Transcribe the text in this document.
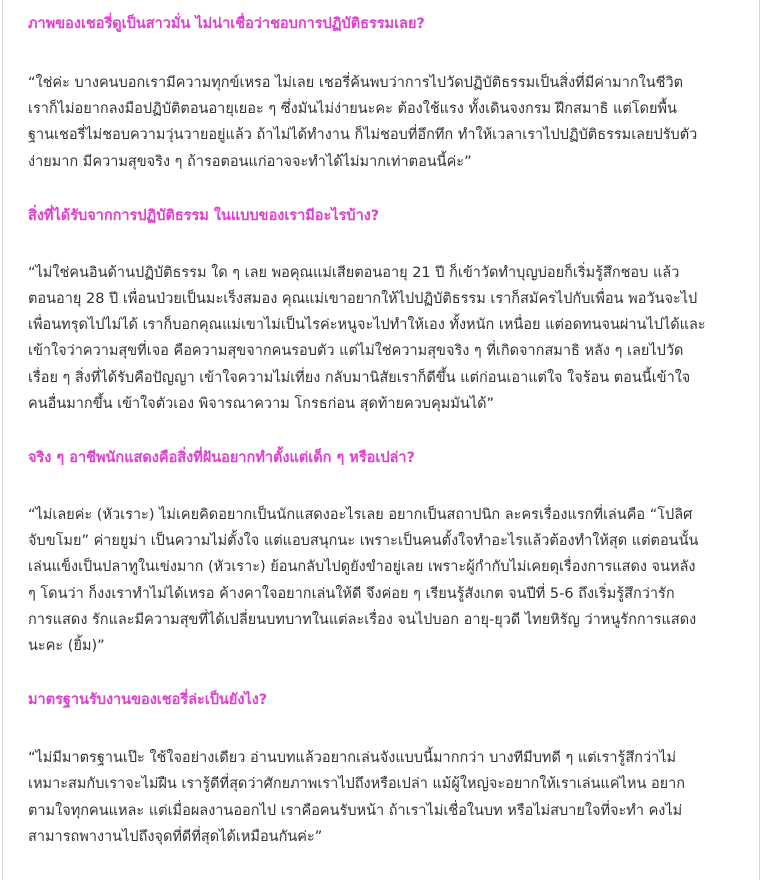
ภาพของเชอรี่ดูเป็นสาวมั่น ไม่น่าเชื่อว่าชอบการปฏิบัติธรรมเลย?

“ใช่ค่ะ บางคนบอกเรามีความทุกข์เหรอ ไม่เลย เชอรี่ค้นพบว่าการไปวัดปฏิบัติธรรมเป็นสิ่งที่มีค่ามากในชีวิต
เราก็ไม่อยากลงมือปฏิบัติตอนอายุเยอะ ๆ ซึ่งมันไม่ง่ายนะคะ ต้องใช้แรง ทั้งเดินจงกรม ฝึกสมาธิ แต่โดยพื้น
ฐานเชอรี่ไม่ชอบความวุ่นวายอยู่แล้ว ถ้าไม่ได้ทำงาน ก็ไม่ชอบที่อึกทึก ทำให้เวลาเราไปปฏิบัติธรรมเลยปรับตัว
ง่ายมาก มีความสุขจริง ๆ ถ้ารอตอนแก่อาจจะทำได้ไม่มากเท่าตอนนี้ค่ะ”

สิ่งที่ได้รับจากการปฏิบัติธรรม ในแบบของเรามีอะไรบ้าง?

“ไม่ใช่คนอินด้านปฏิบัติธรรม ใด ๆ เลย พอคุณแม่เสียตอนอายุ 21 ปี ก็เข้าวัดทำบุญบ่อยก็เริ่มรู้สึกชอบ แล้ว
ตอนอายุ 28 ปี เพื่อนป่วยเป็นมะเร็งสมอง คุณแม่เขาอยากให้ไปปฏิบัติธรรม เราก็สมัครไปกับเพื่อน พอวันจะไป
เพื่อนทรุดไปไม่ได้ เราก็บอกคุณแม่เขาไม่เป็นไรค่ะหนูจะไปทำให้เอง ทั้งหนัก เหนื่อย แต่อดทนจนผ่านไปได้และ
เข้าใจว่าความสุขที่เจอ คือความสุขจากคนรอบตัว แต่ไม่ใช่ความสุขจริง ๆ ที่เกิดจากสมาธิ หลัง ๆ เลยไปวัด
เรื่อย ๆ สิ่งที่ได้รับคือปัญญา เข้าใจความไม่เที่ยง กลับมานิสัยเราก็ดีขึ้น แต่ก่อนเอาแต่ใจ ใจร้อน ตอนนี้เข้าใจ
คนอื่นมากขึ้น เข้าใจตัวเอง พิจารณาความ โกรธก่อน สุดท้ายควบคุมมันได้”

จริง ๆ อาชีพนักแสดงคือสิ่งที่ฝันอยากทำตั้งแต่เด็ก ๆ หรือเปล่า?

“ไม่เลยค่ะ (หัวเราะ) ไม่เคยคิดอยากเป็นนักแสดงอะไรเลย อยากเป็นสถาปนิก ละครเรื่องแรกที่เล่นคือ “โปลิศ
จับขโมย” ค่ายยูม่า เป็นความไม่ตั้งใจ แต่แอบสนุกนะ เพราะเป็นคนตั้งใจทำอะไรแล้วต้องทำให้สุด แต่ตอนนั้น
เล่นแข็งเป็นปลาทูในเข่งมาก (หัวเราะ) ย้อนกลับไปดูยังขำอยู่เลย เพราะผู้กำกับไม่เคยดุเรื่องการแสดง จนหลัง
ๆ โดนว่า ก็งงเราทำไม่ได้เหรอ ค้างคาใจอยากเล่นให้ดี จึงค่อย ๆ เรียนรู้สังเกต จนปีที่ 5-6 ถึงเริ่มรู้สึกว่ารัก
การแสดง รักและมีความสุขที่ได้เปลี่ยนบทบาทในแต่ละเรื่อง จนไปบอก อายุ-ยุวดี ไทยหิรัญ ว่าหนูรักการแสดง
นะคะ (ยิ้ม)”

มาตรฐานรับงานของเชอรี่ล่ะเป็นยังไง?

“ไม่มีมาตรฐานเป๊ะ ใช้ใจอย่างเดียว อ่านบทแล้วอยากเล่นจังแบบนี้มากกว่า บางทีมีบทดี ๆ แต่เรารู้สึกว่าไม่
เหมาะสมกับเราจะไม่ฝืน เรารู้ดีที่สุดว่าศักยภาพเราไปถึงหรือเปล่า แม้ผู้ใหญ่จะอยากให้เราเล่นแค่ไหน อยาก
ตามใจทุกคนแหละ แต่เมื่อผลงานออกไป เราคือคนรับหน้า ถ้าเราไม่เชื่อในบท หรือไม่สบายใจที่จะทำ คงไม่
สามารถพางานไปถึงจุดที่ดีที่สุดได้เหมือนกันค่ะ”
